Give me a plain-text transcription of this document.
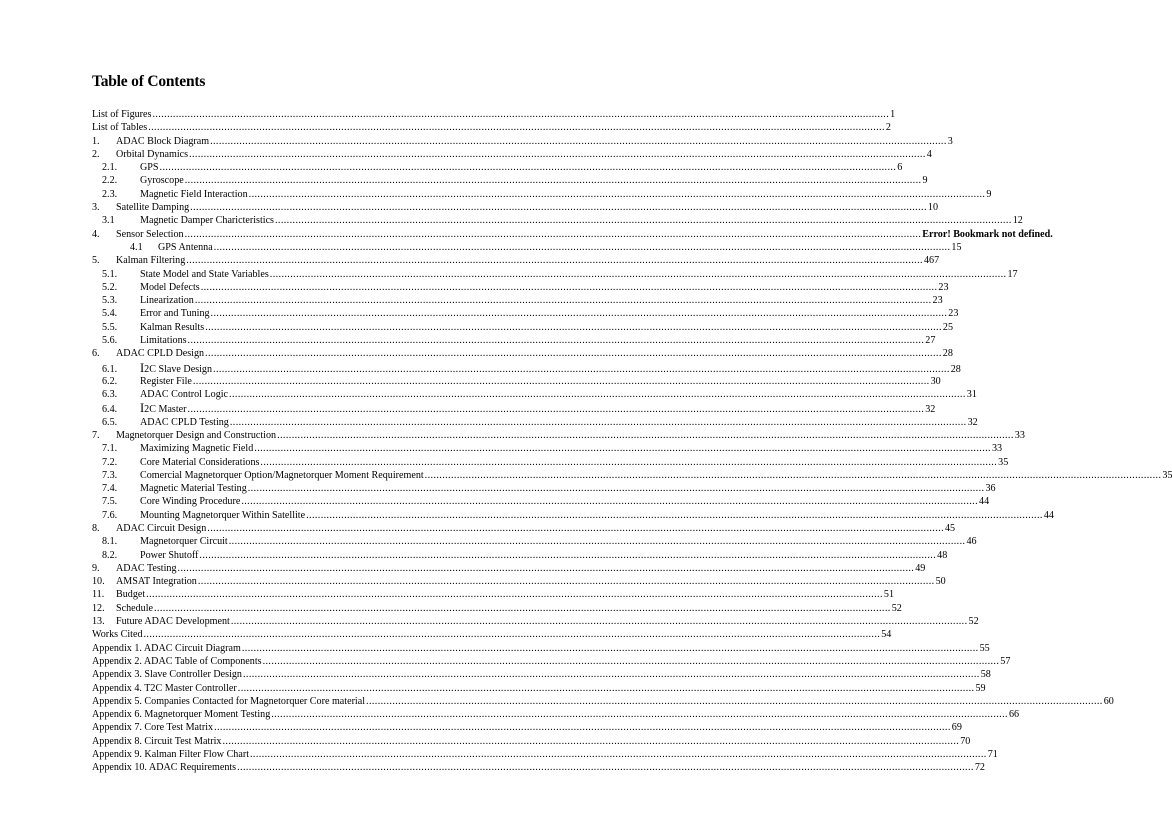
Table of Contents
List of Figures .....	1
List of Tables .....	2
1.	ADAC Block Diagram .....	3
2.	Orbital Dynamics .....	4
2.1.	GPS .....	6
2.2.	Gyroscope .....	9
2.3.	Magnetic Field Interaction .....	9
3.	Satellite Damping .....	10
3.1	Magnetic Damper Charicteristics .....	12
4.	Sensor Selection .....	Error! Bookmark not defined.
4.1	GPS Antenna .....	15
5.	Kalman Filtering .....	467
5.1.	State Model and State Variables .....	17
5.2.	Model Defects .....	23
5.3.	Linearization .....	23
5.4.	Error and Tuning .....	23
5.5.	Kalman Results .....	25
5.6.	Limitations .....	27
6.	ADAC CPLD Design .....	28
6.1.	I2C Slave Design .....	28
6.2.	Register File .....	30
6.3.	ADAC Control Logic .....	31
6.4.	I2C Master .....	32
6.5.	ADAC CPLD Testing .....	32
7.	Magnetorquer Design and Construction .....	33
7.1.	Maximizing Magnetic Field .....	33
7.2.	Core Material Considerations .....	35
7.3.	Comercial Magnetorquer Option/Magnetorquer Moment Requirement .....	35
7.4.	Magnetic Material Testing .....	36
7.5.	Core Winding Procedure .....	44
7.6.	Mounting Magnetorquer Within Satellite .....	44
8.	ADAC Circuit Design .....	45
8.1.	Magnetorquer Circuit .....	46
8.2.	Power Shutoff .....	48
9.	ADAC Testing .....	49
10.	AMSAT Integration .....	50
11.	Budget .....	51
12.	Schedule .....	52
13.	Future ADAC Development .....	52
Works Cited .....	54
Appendix 1. ADAC Circuit Diagram .....	55
Appendix 2. ADAC Table of Components .....	57
Appendix 3. Slave Controller Design .....	58
Appendix 4. T2C Master Controller .....	59
Appendix 5. Companies Contacted for Magnetorquer Core material .....	60
Appendix 6. Magnetorquer Moment Testing .....	66
Appendix 7. Core Test Matrix .....	69
Appendix 8. Circuit Test Matrix .....	70
Appendix 9. Kalman Filter Flow Chart .....	71
Appendix 10. ADAC Requirements .....	72
